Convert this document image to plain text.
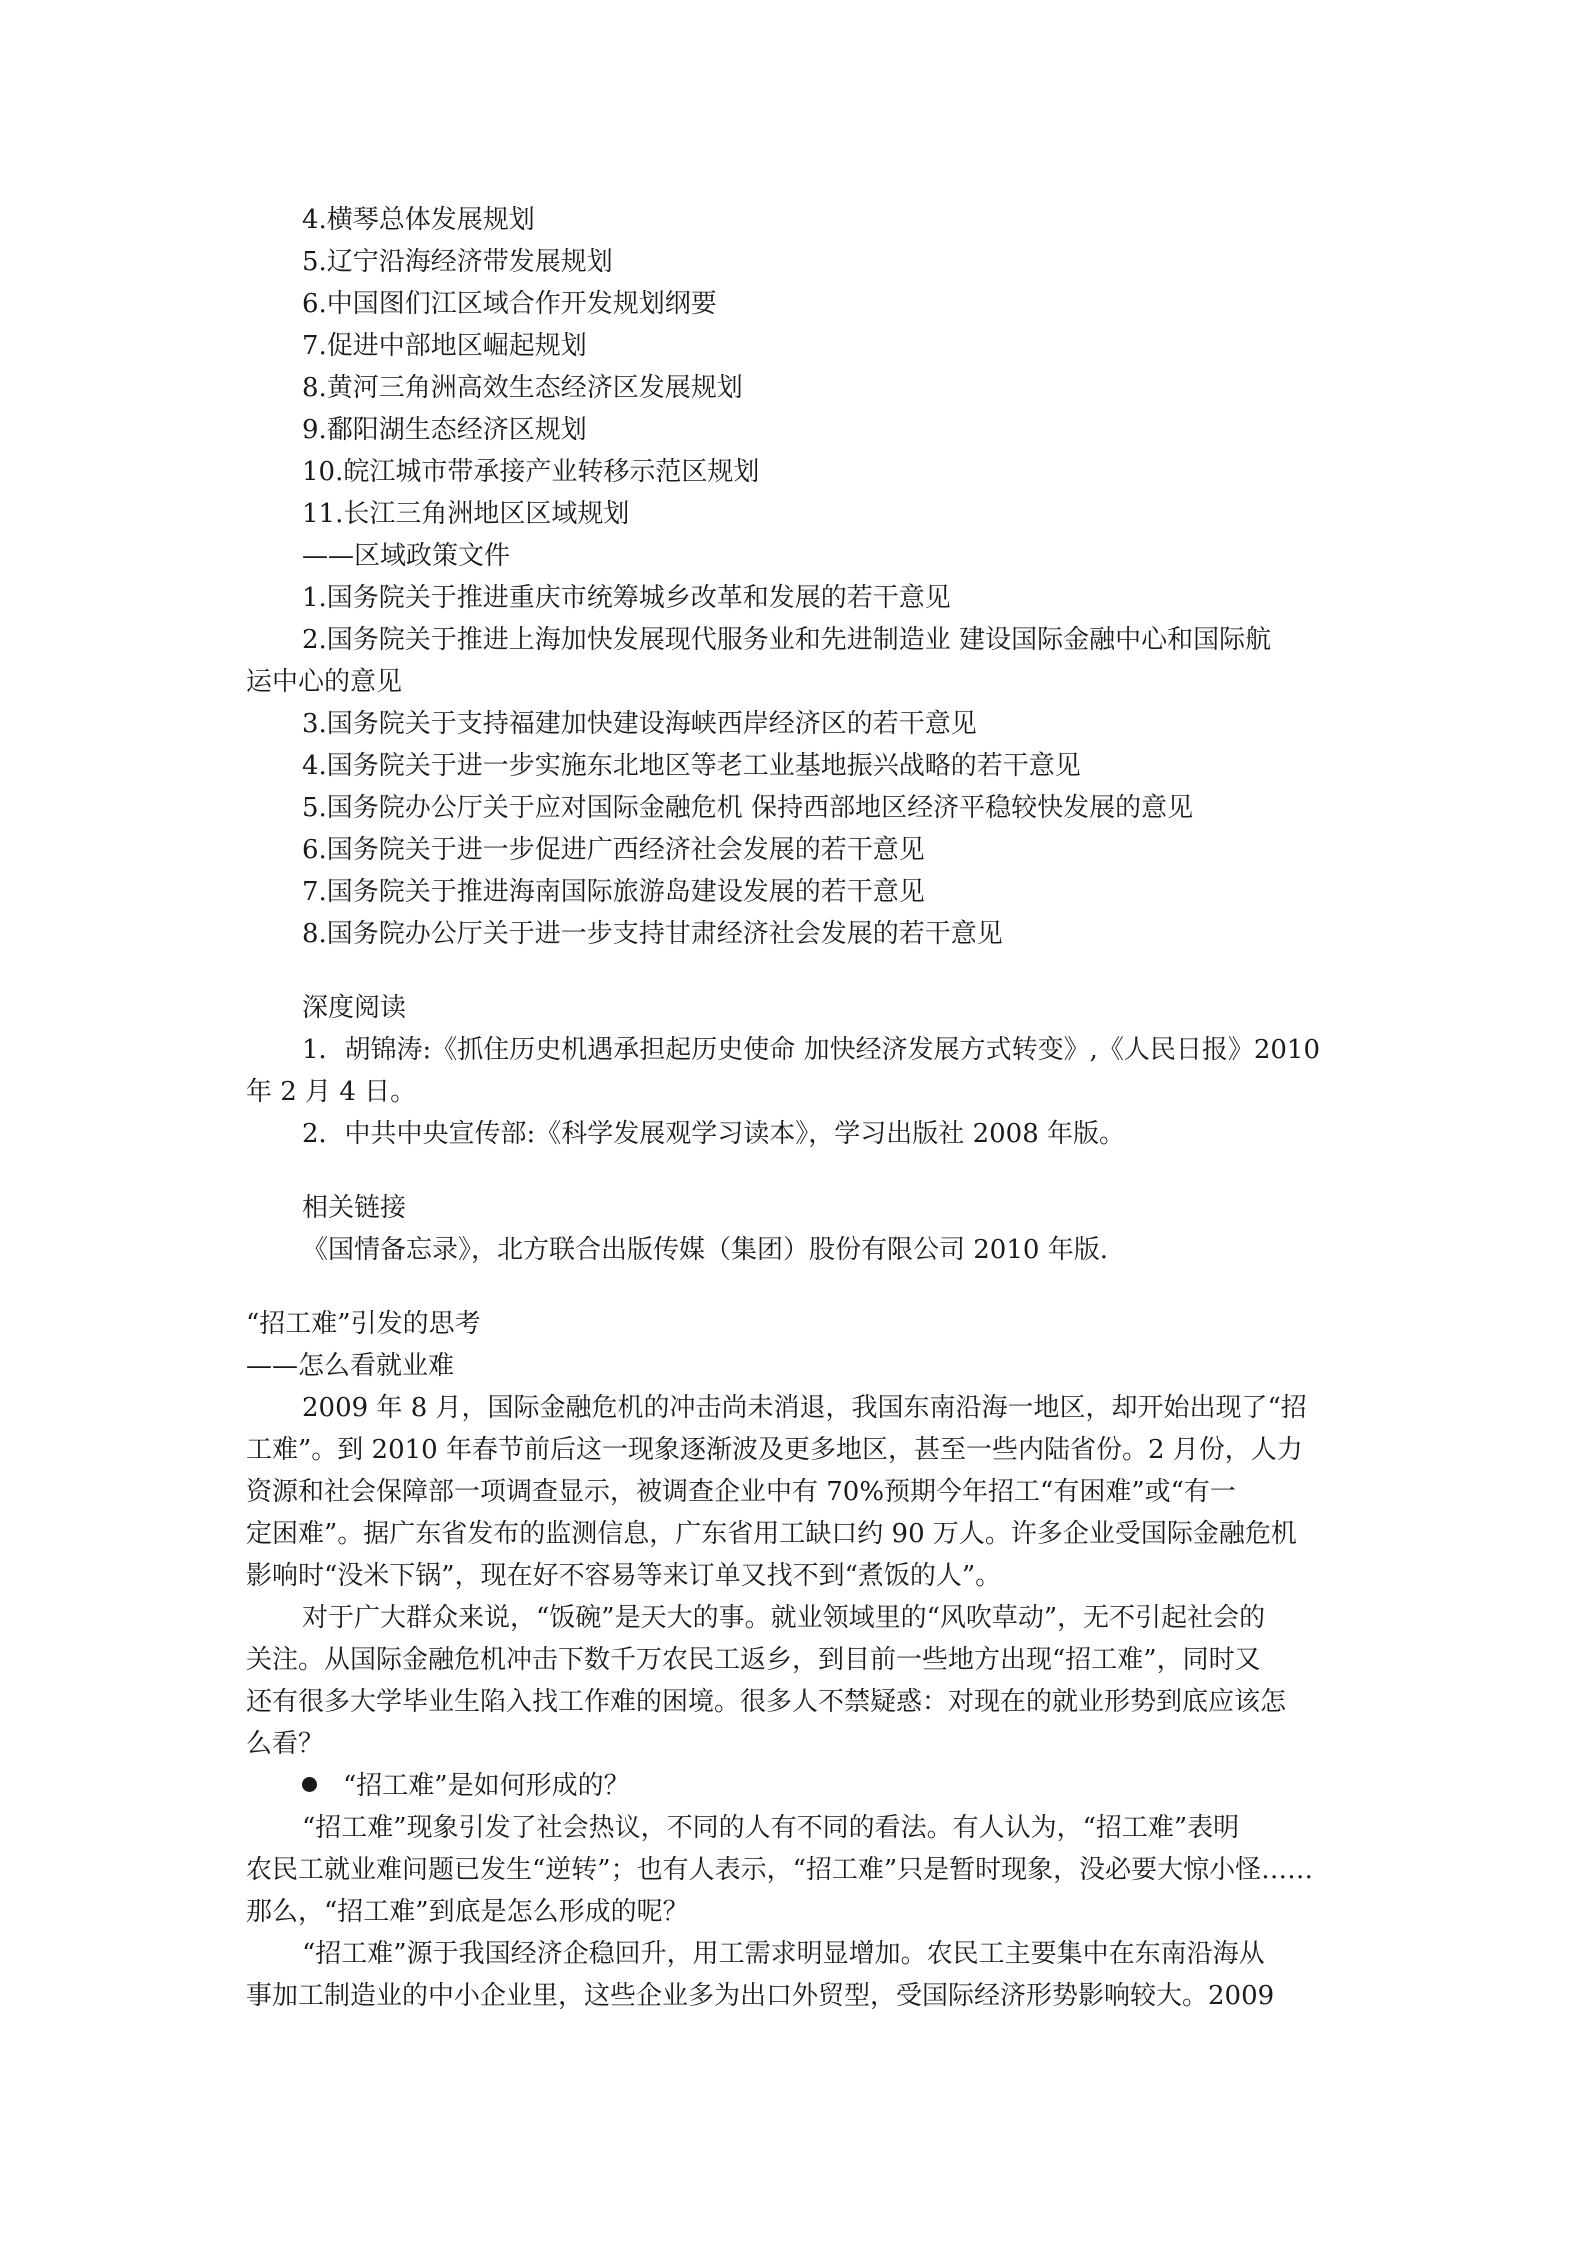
4.横琴总体发展规划
5.辽宁沿海经济带发展规划
6.中国图们江区域合作开发规划纲要
7.促进中部地区崛起规划
8.黄河三角洲高效生态经济区发展规划
9.鄱阳湖生态经济区规划
10.皖江城市带承接产业转移示范区规划
11.长江三角洲地区区域规划
——区域政策文件
1.国务院关于推进重庆市统筹城乡改革和发展的若干意见
2.国务院关于推进上海加快发展现代服务业和先进制造业 建设国际金融中心和国际航
运中心的意见
3.国务院关于支持福建加快建设海峡西岸经济区的若干意见
4.国务院关于进一步实施东北地区等老工业基地振兴战略的若干意见
5.国务院办公厅关于应对国际金融危机 保持西部地区经济平稳较快发展的意见
6.国务院关于进一步促进广西经济社会发展的若干意见
7.国务院关于推进海南国际旅游岛建设发展的若干意见
8.国务院办公厅关于进一步支持甘肃经济社会发展的若干意见
深度阅读
1．胡锦涛:《抓住历史机遇承担起历史使命 加快经济发展方式转变》,《人民日报》2010
年 2 月 4 日。
2．中共中央宣传部:《科学发展观学习读本》，学习出版社 2008 年版。
相关链接
《国情备忘录》，北方联合出版传媒（集团）股份有限公司 2010 年版.
“招工难”引发的思考
——怎么看就业难
2009 年 8 月，国际金融危机的冲击尚未消退，我国东南沿海一地区，却开始出现了“招
工难”。到 2010 年春节前后这一现象逐渐波及更多地区，甚至一些内陆省份。2 月份，人力
资源和社会保障部一项调查显示，被调查企业中有 70%预期今年招工“有困难”或“有一
定困难”。据广东省发布的监测信息，广东省用工缺口约 90 万人。许多企业受国际金融危机
影响时“没米下锅”，现在好不容易等来订单又找不到“煮饭的人”。
对于广大群众来说，“饭碗”是天大的事。就业领域里的“风吹草动”，无不引起社会的
关注。从国际金融危机冲击下数千万农民工返乡，到目前一些地方出现“招工难”，同时又
还有很多大学毕业生陷入找工作难的困境。很多人不禁疑惑：对现在的就业形势到底应该怎
么看？
“招工难”是如何形成的？
“招工难”现象引发了社会热议，不同的人有不同的看法。有人认为，“招工难”表明
农民工就业难问题已发生“逆转”；也有人表示，“招工难”只是暂时现象，没必要大惊小怪……
那么，“招工难”到底是怎么形成的呢？
“招工难”源于我国经济企稳回升，用工需求明显增加。农民工主要集中在东南沿海从
事加工制造业的中小企业里，这些企业多为出口外贸型，受国际经济形势影响较大。2009
